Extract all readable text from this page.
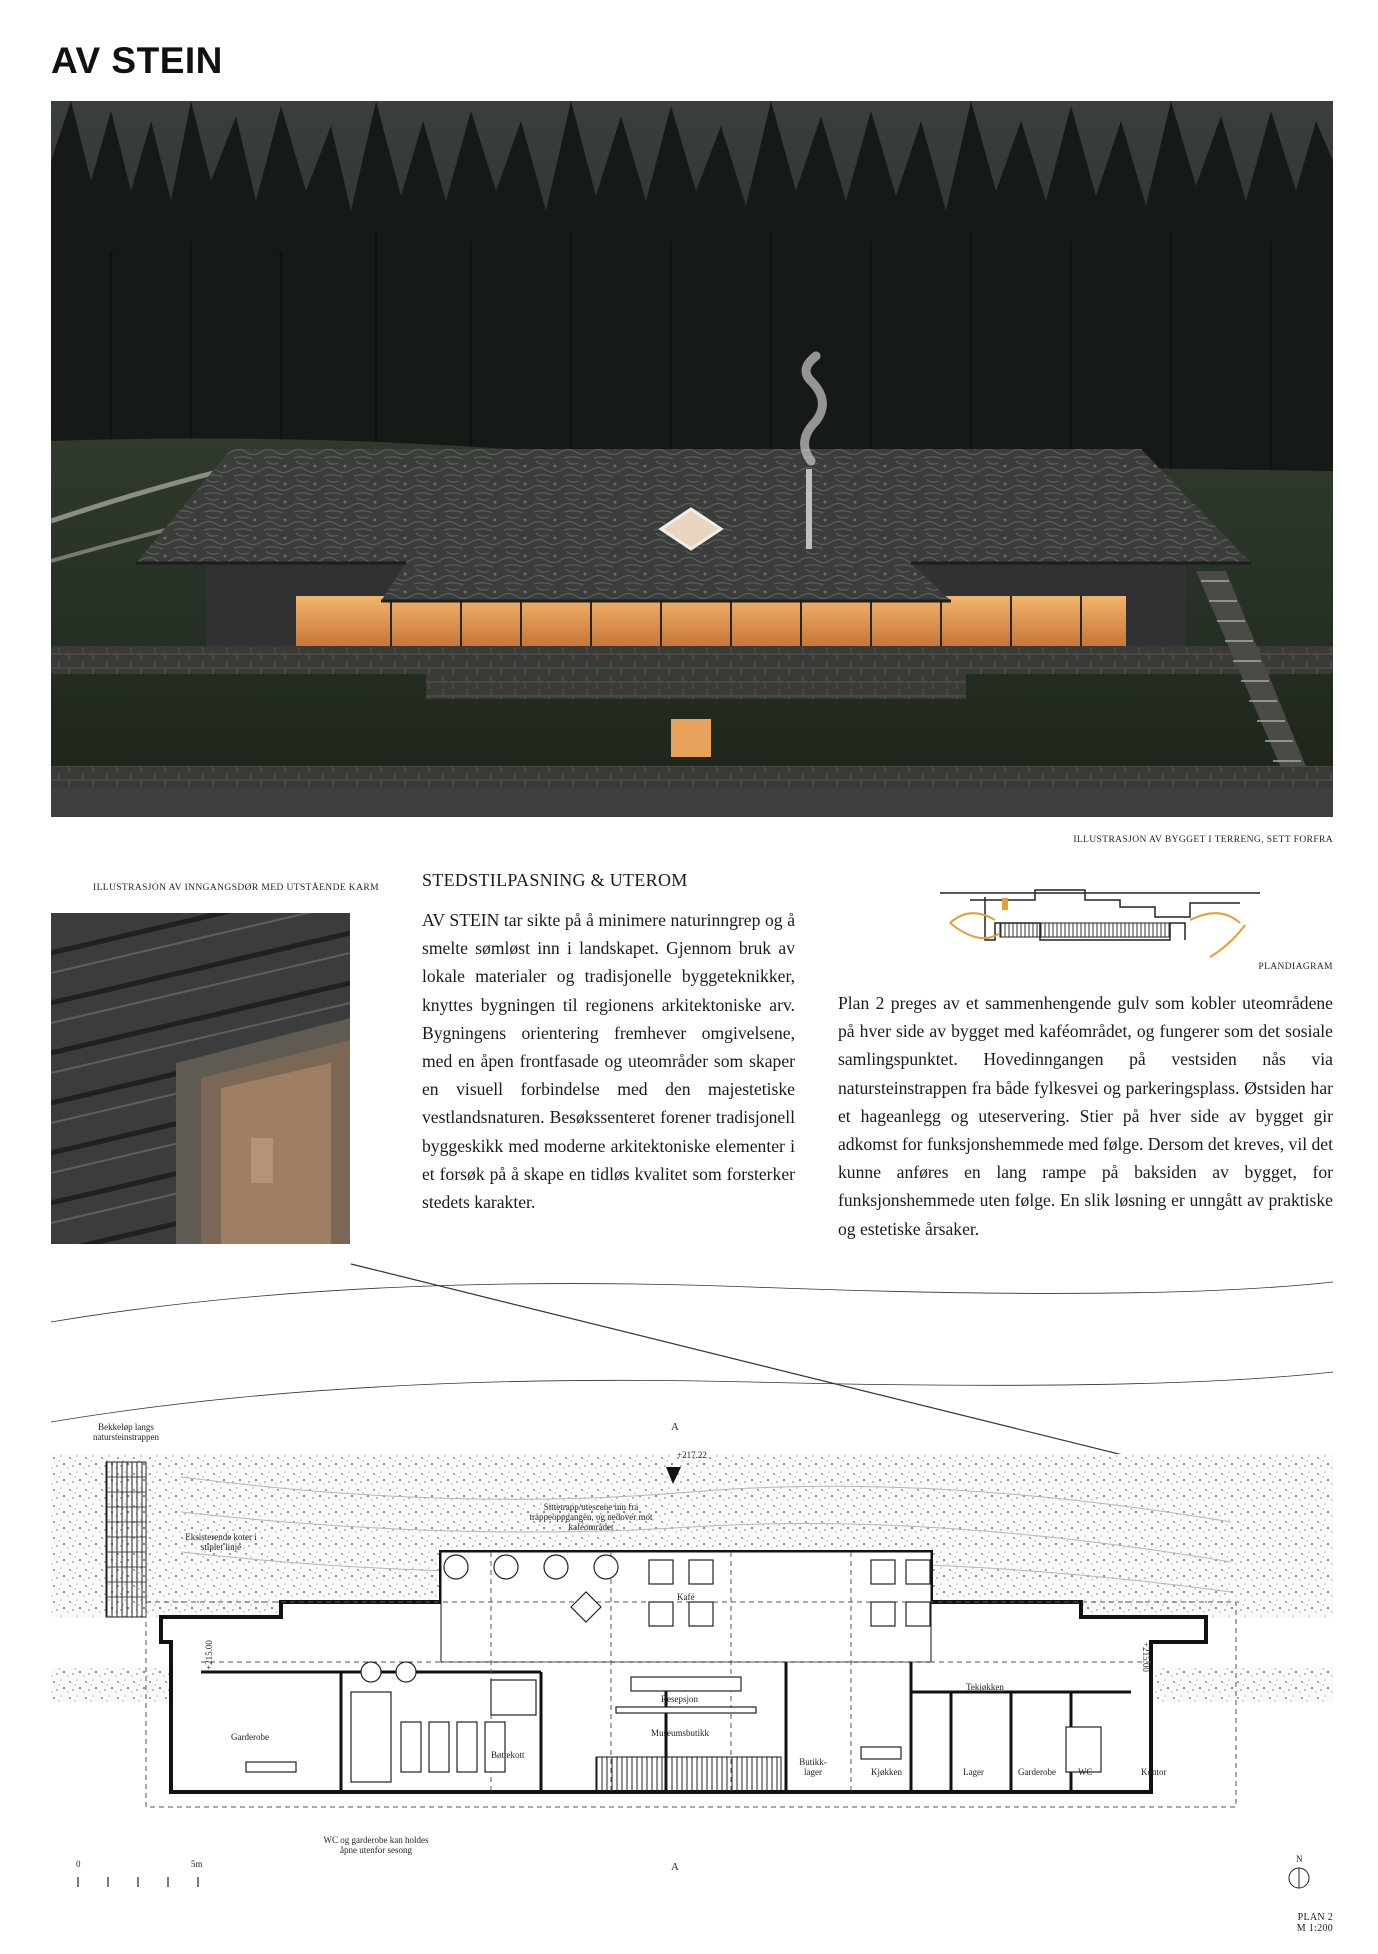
AV STEIN
ILLUSTRASJON AV BYGGET I TERRENG, SETT FORFRA
ILLUSTRASJON AV INNGANGSDØR MED UTSTÅENDE KARM STEDSTILPASNING & UTEROM

AV STEIN tar sikte på å minimere naturinngrep og å smelte sømløst inn i landskapet. Gjennom bruk av lokale materialer og tradisjonelle byggeteknikker, knyttes bygningen til regionens arkitektoniske arv. Bygningens orientering fremhever omgivelsene, med en åpen frontfasade og uteområder som skaper en visuell forbindelse med den majestetiske vestlandsnaturen. Besøkssenteret forener tradisjonell byggeskikk med moderne arkitektoniske elementer i et forsøk på å skape en tidløs kvalitet som forsterker stedets karakter.

PLANDIAGRAM

Plan 2 preges av et sammenhengende gulv som kobler uteområdene på hver side av bygget med kaféområdet, og fungerer som det sosiale samlingspunktet. Hovedinngangen på vestsiden nås via natursteinstrappen fra både fylkesvei og parkeringsplass. Østsiden har et hageanlegg og uteservering. Stier på hver side av bygget gir adkomst for funksjonshemmede med følge. Dersom det kreves, vil det kunne anføres en lang rampe på baksiden av bygget, for funksjonshemmede uten følge. En slik løsning er unngått av praktiske og estetiske årsaker.

Bekkeløp langs natursteinstrappen
+217.22
Sittetrapp/utescene inn fra trappeoppgangen, og nedover mot kaféområdet
Eksisterende koter i stiplet linje
+215.00	+215.00
Kafé
Resepsjon
Museumsbutikk
Butikk-lager
Garderobe
Bøttekott
Kjøkken
Tekjøkken
Lager	Garderobe WC	Kontor
WC og garderobe kan holdes åpne utenfor sesong
A
A
0	5m	N
PLAN 2
M 1:200
